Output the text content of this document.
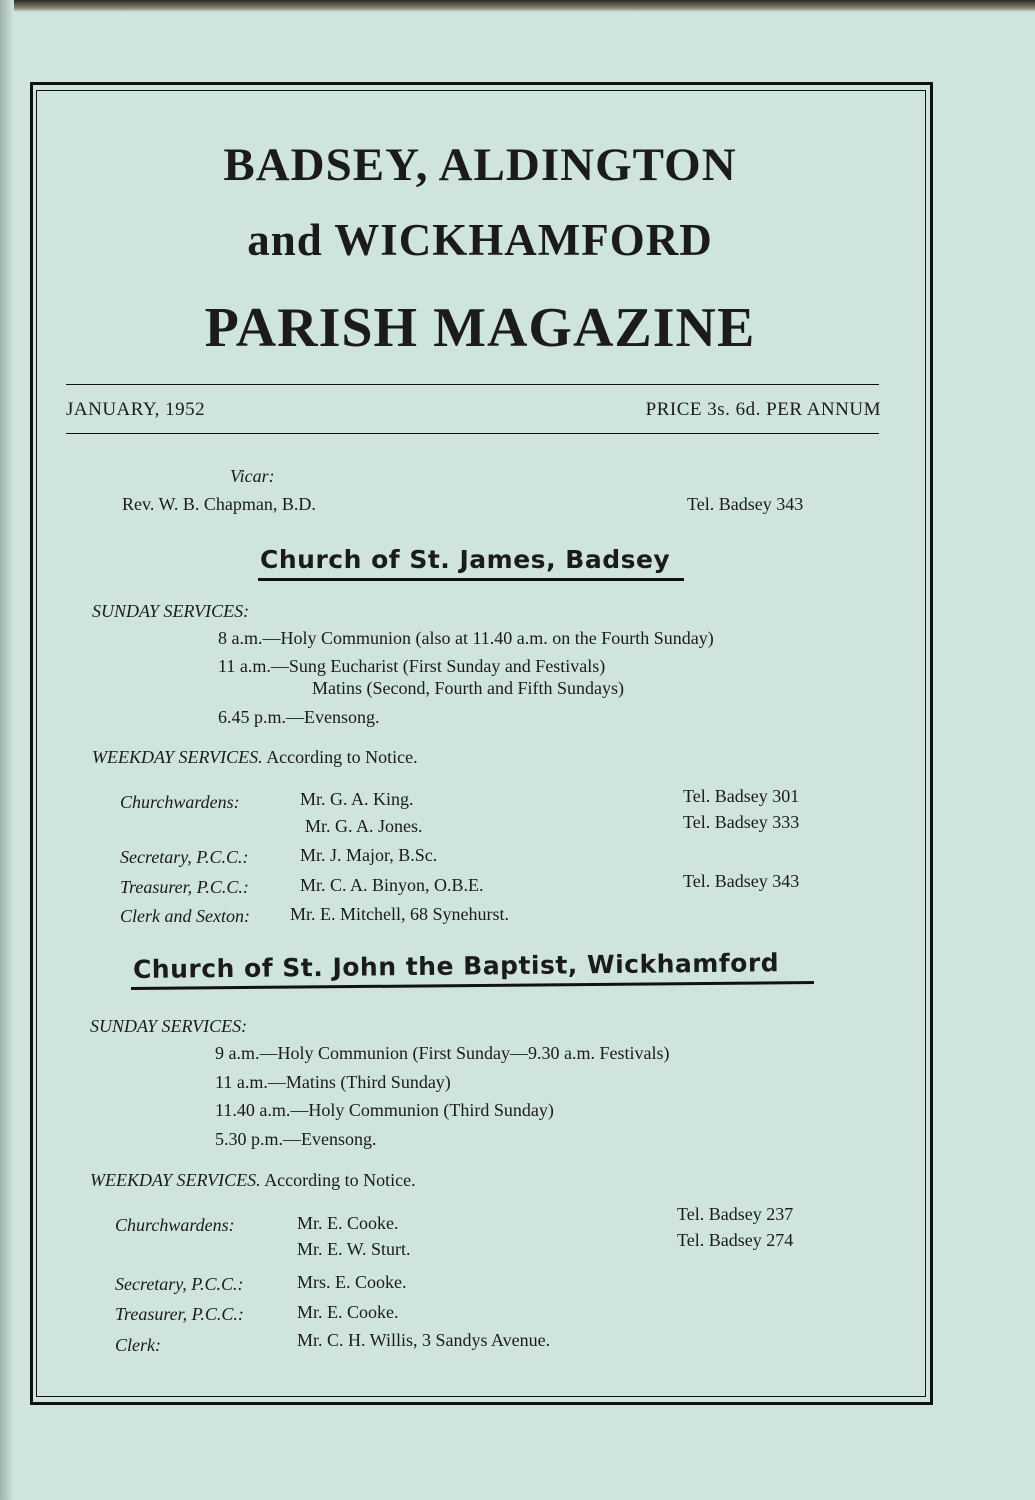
BADSEY, ALDINGTON
and WICKHAMFORD
PARISH MAGAZINE
JANUARY, 1952	PRICE 3s. 6d. PER ANNUM
Vicar:
Rev. W. B. Chapman, B.D.	Tel. Badsey 343
Church of St. James, Badsey
SUNDAY SERVICES:
8 a.m.—Holy Communion (also at 11.40 a.m. on the Fourth Sunday)
11 a.m.—Sung Eucharist (First Sunday and Festivals)
Matins (Second, Fourth and Fifth Sundays)
6.45 p.m.—Evensong.
WEEKDAY SERVICES. According to Notice.
Churchwardens:	Mr. G. A. King.	Tel. Badsey 301
Mr. G. A. Jones.	Tel. Badsey 333
Secretary, P.C.C.:	Mr. J. Major, B.Sc.
Treasurer, P.C.C.:	Mr. C. A. Binyon, O.B.E.	Tel. Badsey 343
Clerk and Sexton: Mr. E. Mitchell, 68 Synehurst.
Church of St. John the Baptist, Wickhamford
SUNDAY SERVICES:
9 a.m.—Holy Communion (First Sunday—9.30 a.m. Festivals)
11 a.m.—Matins (Third Sunday)
11.40 a.m.—Holy Communion (Third Sunday)
5.30 p.m.—Evensong.
WEEKDAY SERVICES. According to Notice.
Churchwardens:	Mr. E. Cooke.	Tel. Badsey 237
Mr. E. W. Sturt.	Tel. Badsey 274
Secretary, P.C.C.:	Mrs. E. Cooke.
Treasurer, P.C.C.:	Mr. E. Cooke.
Clerk:	Mr. C. H. Willis, 3 Sandys Avenue.
